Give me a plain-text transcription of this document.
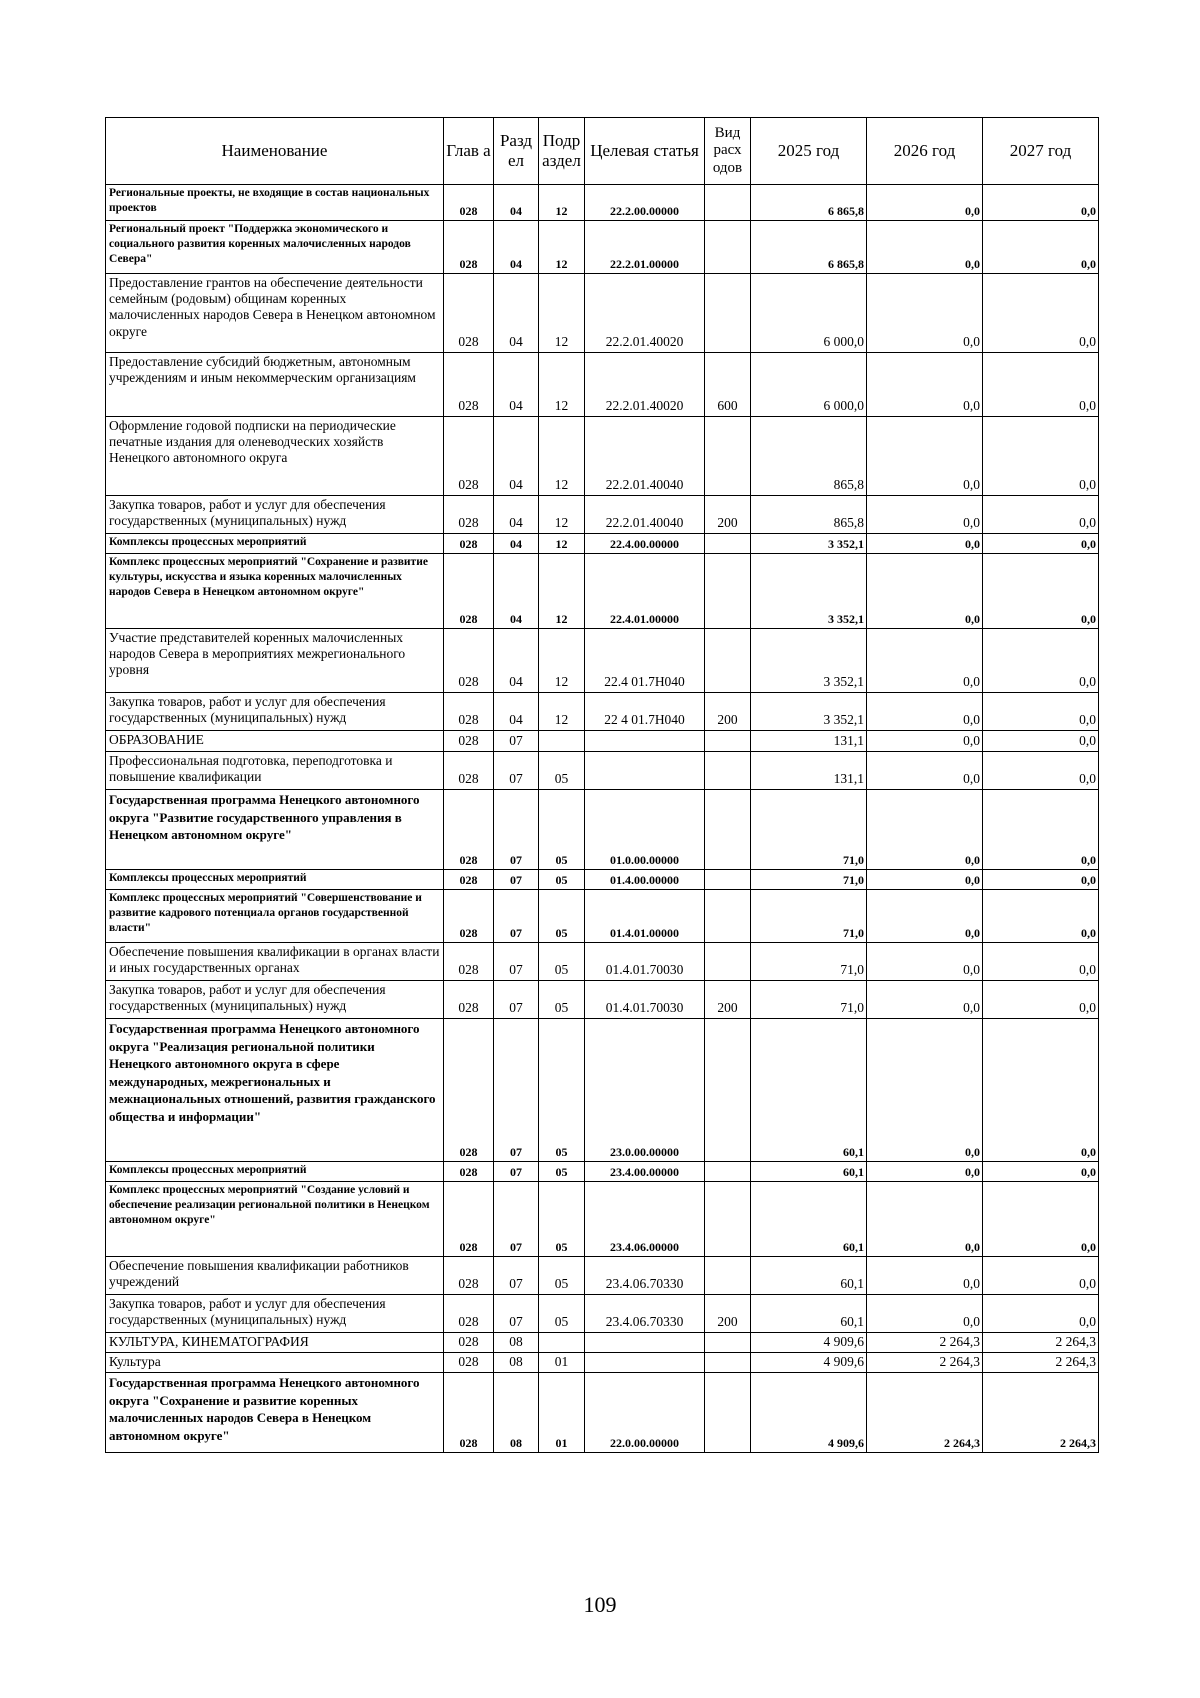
Наименование	Глав а	Разд ел	Подр аздел	Целевая статья	Вид расх одов	2025 год	2026 год	2027 год
Региональные проекты, не входящие в состав национальных проектов	028	04	12	22.2.00.00000		6 865,8	0,0	0,0
Региональный проект "Поддержка экономического и социального развития коренных малочисленных народов Севера"	028	04	12	22.2.01.00000		6 865,8	0,0	0,0
Предоставление грантов на обеспечение деятельности семейным (родовым) общинам коренных малочисленных народов Севера в Ненецком автономном округе	028	04	12	22.2.01.40020		6 000,0	0,0	0,0
Предоставление субсидий бюджетным, автономным учреждениям и иным некоммерческим организациям	028	04	12	22.2.01.40020	600	6 000,0	0,0	0,0
Оформление годовой подписки на периодические печатные издания для оленеводческих хозяйств Ненецкого автономного округа	028	04	12	22.2.01.40040		865,8	0,0	0,0
Закупка товаров, работ и услуг для обеспечения государственных (муниципальных) нужд	028	04	12	22.2.01.40040	200	865,8	0,0	0,0
Комплексы процессных мероприятий	028	04	12	22.4.00.00000		3 352,1	0,0	0,0
Комплекс процессных мероприятий "Сохранение и развитие культуры, искусства и языка коренных малочисленных народов Севера в Ненецком автономном округе"	028	04	12	22.4.01.00000		3 352,1	0,0	0,0
Участие представителей коренных малочисленных народов Севера в мероприятиях межрегионального уровня	028	04	12	22.4 01.7Н040		3 352,1	0,0	0,0
Закупка товаров, работ и услуг для обеспечения государственных (муниципальных) нужд	028	04	12	22 4 01.7Н040	200	3 352,1	0,0	0,0
ОБРАЗОВАНИЕ	028	07				131,1	0,0	0,0
Профессиональная подготовка, переподготовка и повышение квалификации	028	07	05			131,1	0,0	0,0
Государственная программа Ненецкого автономного округа "Развитие государственного управления в Ненецком автономном округе"	028	07	05	01.0.00.00000		71,0	0,0	0,0
Комплексы процессных мероприятий	028	07	05	01.4.00.00000		71,0	0,0	0,0
Комплекс процессных мероприятий "Совершенствование и развитие кадрового потенциала органов государственной власти"	028	07	05	01.4.01.00000		71,0	0,0	0,0
Обеспечение повышения квалификации в органах власти и иных государственных органах	028	07	05	01.4.01.70030		71,0	0,0	0,0
Закупка товаров, работ и услуг для обеспечения государственных (муниципальных) нужд	028	07	05	01.4.01.70030	200	71,0	0,0	0,0
Государственная программа Ненецкого автономного округа "Реализация региональной политики Ненецкого автономного округа в сфере международных, межрегиональных и межнациональных отношений, развития гражданского общества и информации"	028	07	05	23.0.00.00000		60,1	0,0	0,0
Комплексы процессных мероприятий	028	07	05	23.4.00.00000		60,1	0,0	0,0
Комплекс процессных мероприятий "Создание условий и обеспечение реализации региональной политики в Ненецком автономном округе"	028	07	05	23.4.06.00000		60,1	0,0	0,0
Обеспечение повышения квалификации работников учреждений	028	07	05	23.4.06.70330		60,1	0,0	0,0
Закупка товаров, работ и услуг для обеспечения государственных (муниципальных) нужд	028	07	05	23.4.06.70330	200	60,1	0,0	0,0
КУЛЬТУРА, КИНЕМАТОГРАФИЯ	028	08				4 909,6	2 264,3	2 264,3
Культура	028	08	01			4 909,6	2 264,3	2 264,3
Государственная программа Ненецкого автономного округа "Сохранение и развитие коренных малочисленных народов Севера в Ненецком автономном округе"	028	08	01	22.0.00.00000		4 909,6	2 264,3	2 264,3
109
